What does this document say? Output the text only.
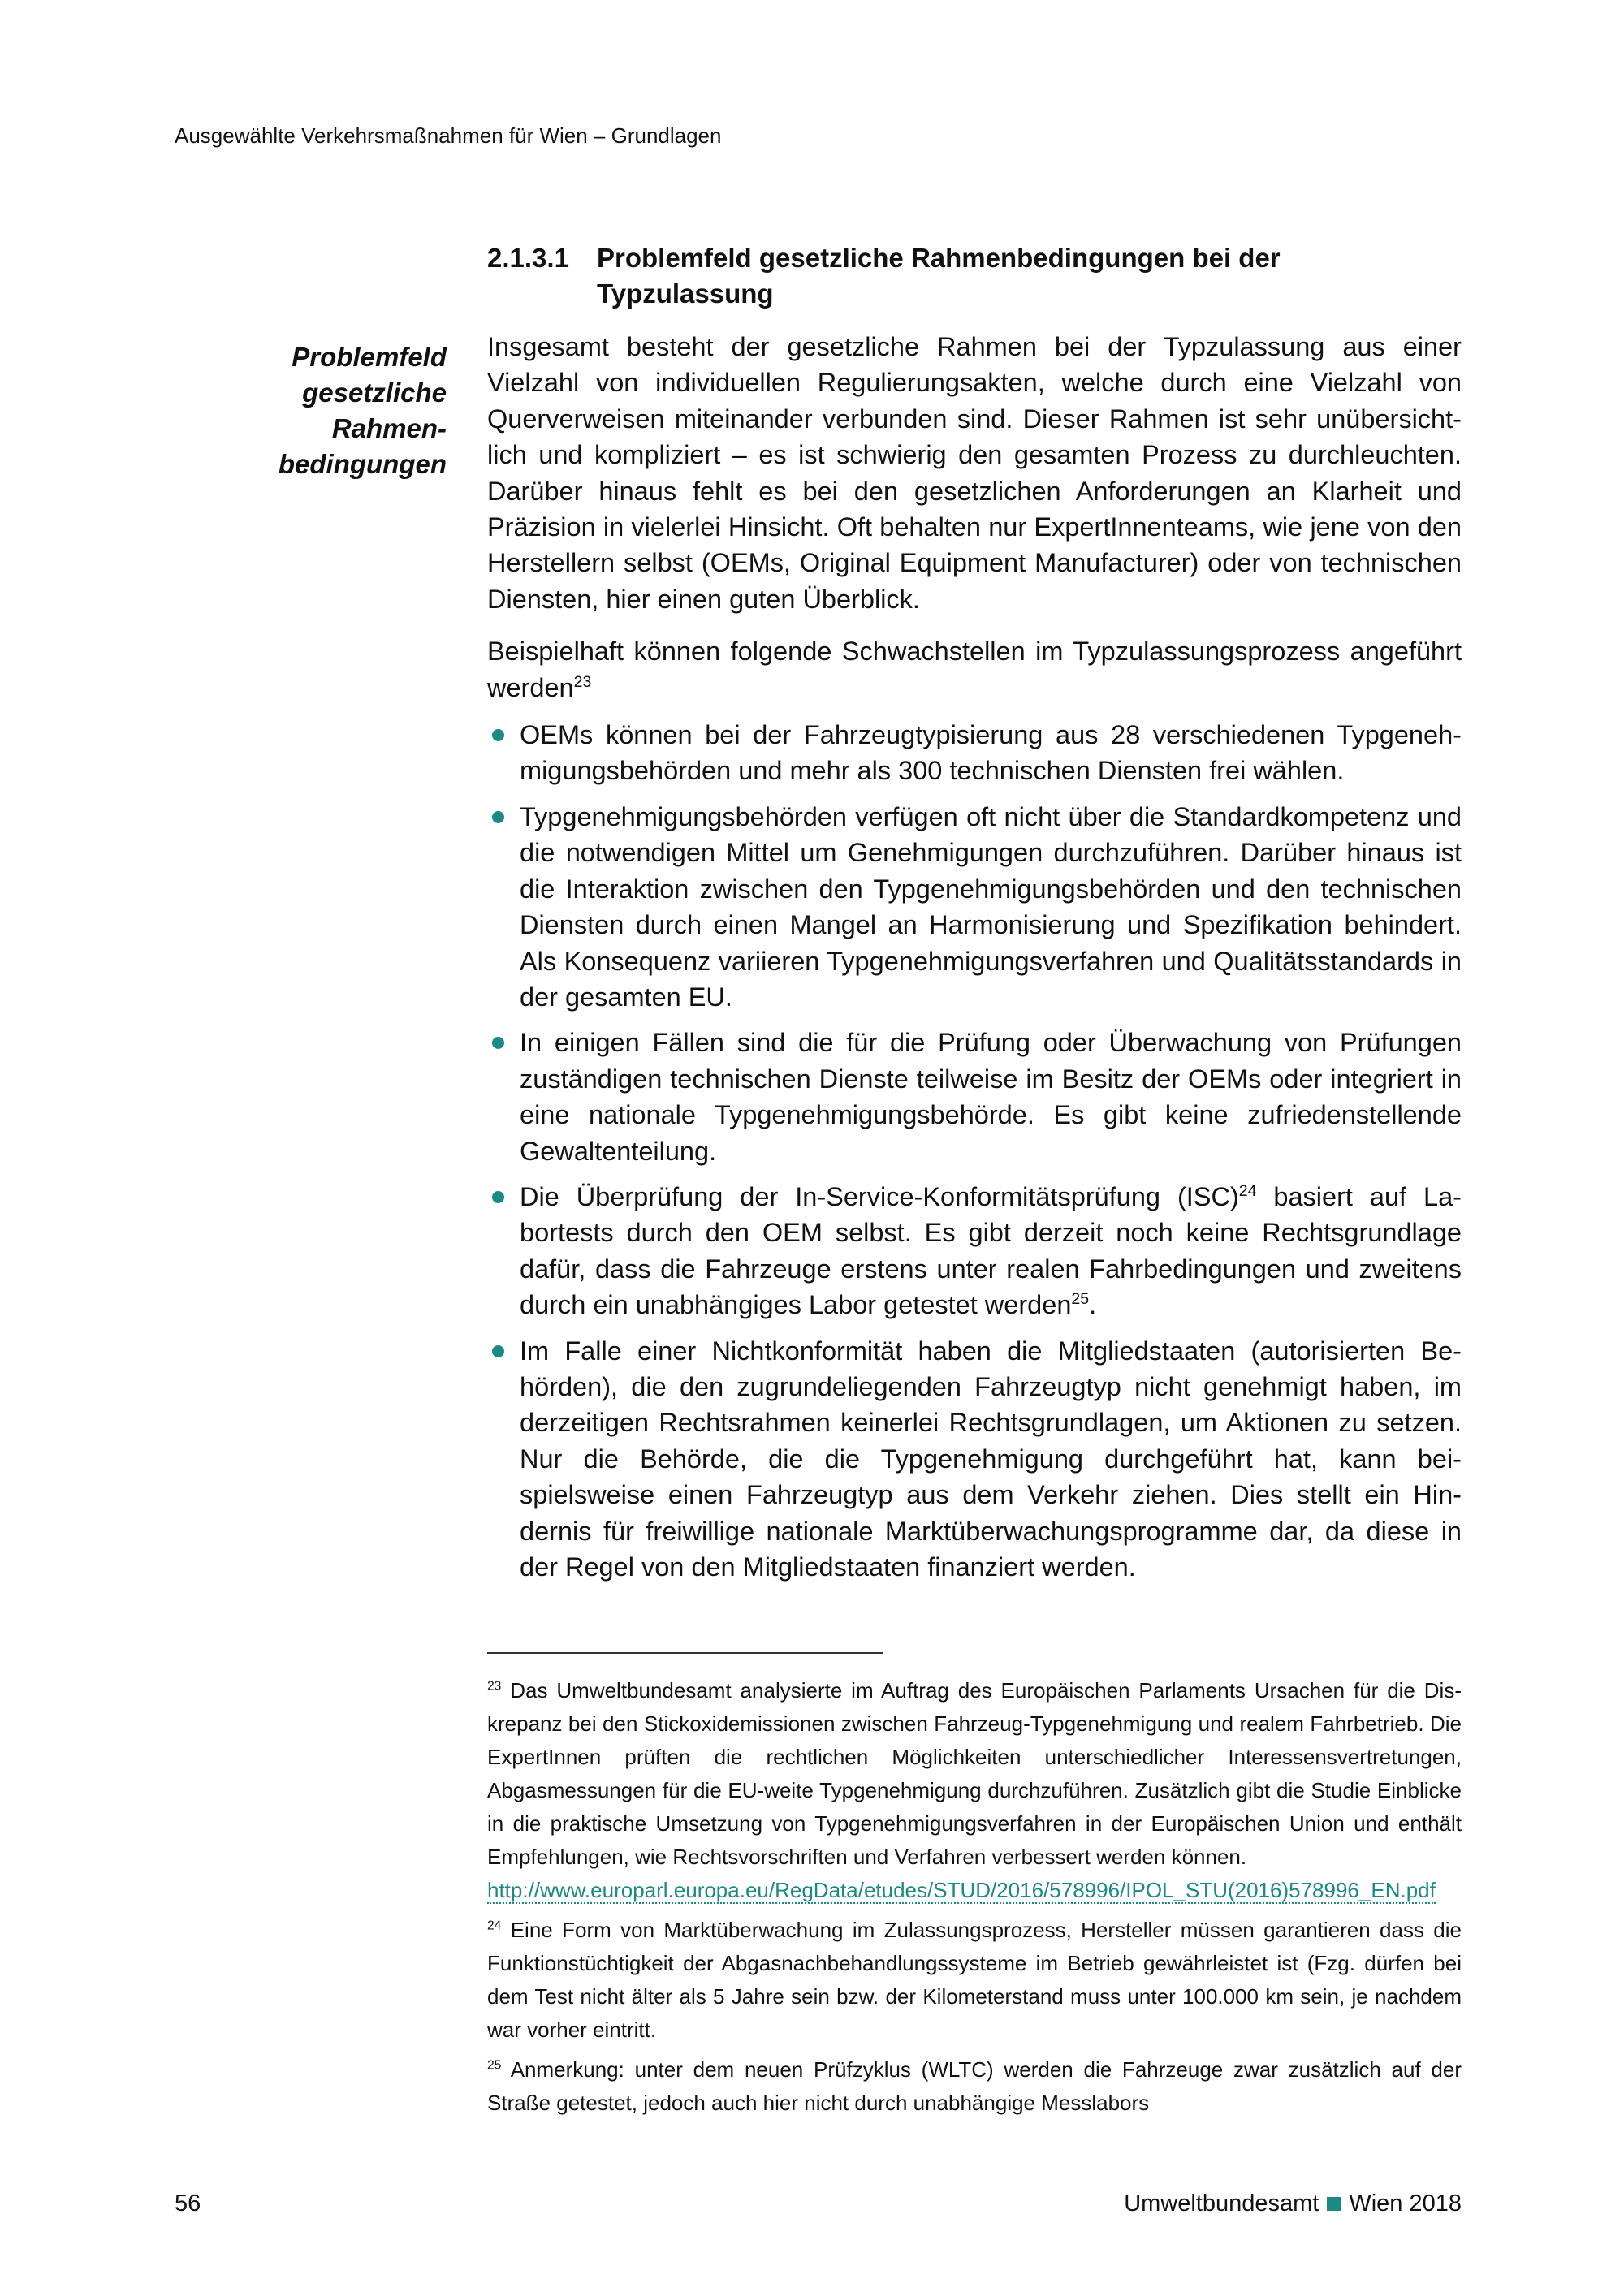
Ausgewählte Verkehrsmaßnahmen für Wien – Grundlagen
2.1.3.1	Problemfeld gesetzliche Rahmenbedingungen bei der Typzulassung
Problemfeld
gesetzliche
Rahmen-
bedingungen

Insgesamt besteht der gesetzliche Rahmen bei der Typzulassung aus einer Vielzahl von individuellen Regulierungsakten, welche durch eine Vielzahl von Querverweisen miteinander verbunden sind. Dieser Rahmen ist sehr unübersichtlich und kompliziert – es ist schwierig den gesamten Prozess zu durchleuchten. Darüber hinaus fehlt es bei den gesetzlichen Anforderungen an Klarheit und Präzision in vielerlei Hinsicht. Oft behalten nur ExpertInnenteams, wie jene von den Herstellern selbst (OEMs, Original Equipment Manufacturer) oder von technischen Diensten, hier einen guten Überblick.

Beispielhaft können folgende Schwachstellen im Typzulassungsprozess angeführt werden$^{23}$

OEMs können bei der Fahrzeugtypisierung aus 28 verschiedenen Typgenehmigungsbehörden und mehr als 300 technischen Diensten frei wählen.
Typgenehmigungsbehörden verfügen oft nicht über die Standardkompetenz und die notwendigen Mittel um Genehmigungen durchzuführen. Darüber hinaus ist die Interaktion zwischen den Typgenehmigungsbehörden und den technischen Diensten durch einen Mangel an Harmonisierung und Spezifikation behindert. Als Konsequenz variieren Typgenehmigungsverfahren und Qualitätsstandards in der gesamten EU.
In einigen Fällen sind die für die Prüfung oder Überwachung von Prüfungen zuständigen technischen Dienste teilweise im Besitz der OEMs oder integriert in eine nationale Typgenehmigungsbehörde. Es gibt keine zufriedenstellende Gewaltenteilung.
Die Überprüfung der In-Service-Konformitätsprüfung (ISC)$^{24}$ basiert auf Labortests durch den OEM selbst. Es gibt derzeit noch keine Rechtsgrundlage dafür, dass die Fahrzeuge erstens unter realen Fahrbedingungen und zweitens durch ein unabhängiges Labor getestet werden$^{25}$.
Im Falle einer Nichtkonformität haben die Mitgliedstaaten (autorisierten Behörden), die den zugrundeliegenden Fahrzeugtyp nicht genehmigt haben, im derzeitigen Rechtsrahmen keinerlei Rechtsgrundlagen, um Aktionen zu setzen. Nur die Behörde, die die Typgenehmigung durchgeführt hat, kann beispielsweise einen Fahrzeugtyp aus dem Verkehr ziehen. Dies stellt ein Hindernis für freiwillige nationale Marktüberwachungsprogramme dar, da diese in der Regel von den Mitgliedstaaten finanziert werden.
$^{23}$ Das Umweltbundesamt analysierte im Auftrag des Europäischen Parlaments Ursachen für die Diskrepanz bei den Stickoxidemissionen zwischen Fahrzeug-Typgenehmigung und realem Fahrbetrieb. Die ExpertInnen prüften die rechtlichen Möglichkeiten unterschiedlicher Interessensvertretungen, Abgasmessungen für die EU-weite Typgenehmigung durchzuführen. Zusätzlich gibt die Studie Einblicke in die praktische Umsetzung von Typgenehmigungsverfahren in der Europäischen Union und enthält Empfehlungen, wie Rechtsvorschriften und Verfahren verbessert werden können.
http://www.europarl.europa.eu/RegData/etudes/STUD/2016/578996/IPOL_STU(2016)578996_EN.pdf
$^{24}$ Eine Form von Marktüberwachung im Zulassungsprozess, Hersteller müssen garantieren dass die Funktionstüchtigkeit der Abgasnachbehandlungssysteme im Betrieb gewährleistet ist (Fzg. dürfen bei dem Test nicht älter als 5 Jahre sein bzw. der Kilometerstand muss unter 100.000 km sein, je nachdem war vorher eintritt.
$^{25}$ Anmerkung: unter dem neuen Prüfzyklus (WLTC) werden die Fahrzeuge zwar zusätzlich auf der Straße getestet, jedoch auch hier nicht durch unabhängige Messlabors
56	Umweltbundesamt Wien 2018
